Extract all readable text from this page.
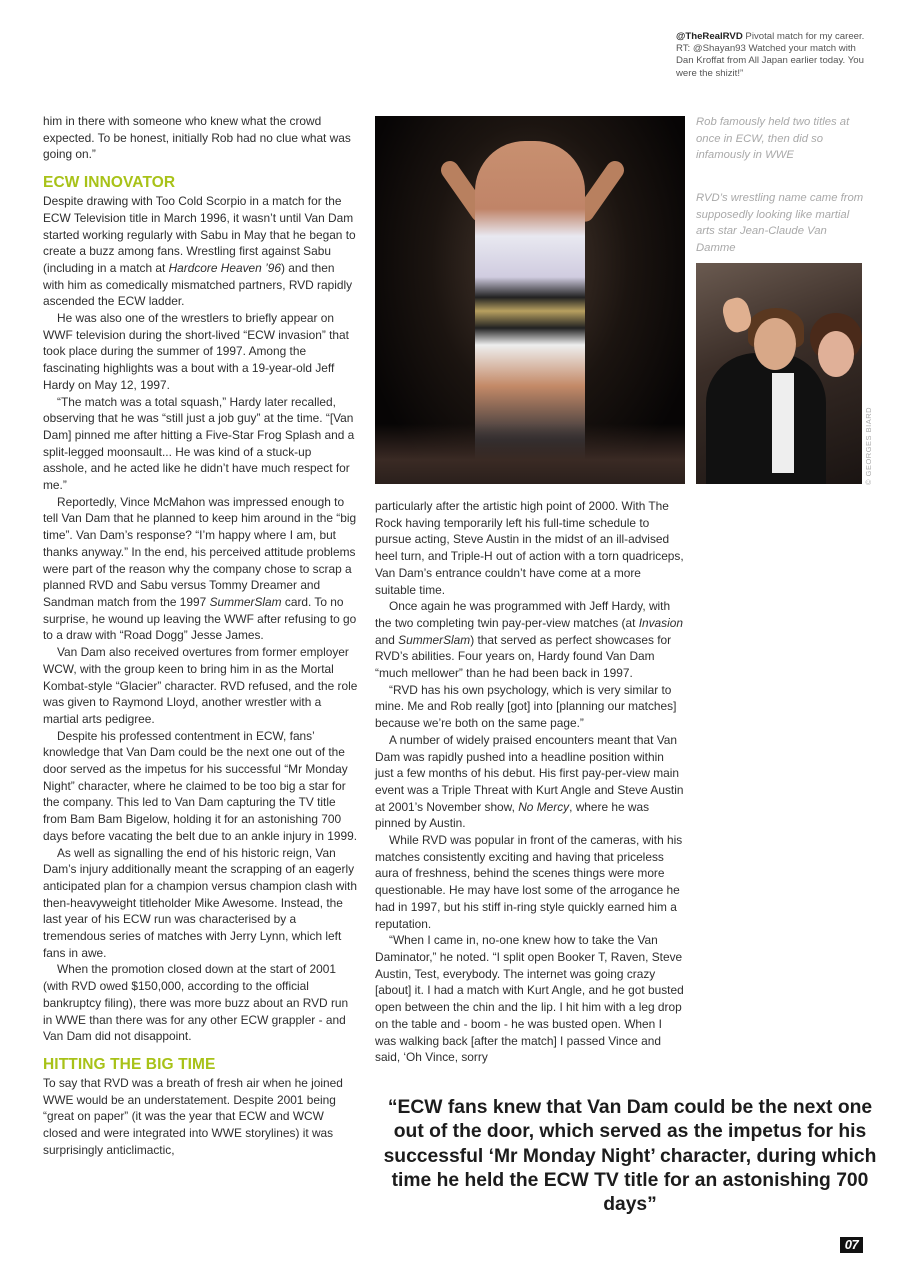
@TheRealRVD Pivotal match for my career. RT: @Shayan93 Watched your match with Dan Kroffat from All Japan earlier today. You were the shizit!”

him in there with someone who knew what the crowd expected. To be honest, initially Rob had no clue what was going on.”

ECW INNOVATOR

Despite drawing with Too Cold Scorpio in a match for the ECW Television title in March 1996, it wasn’t until Van Dam started working regularly with Sabu in May that he began to create a buzz among fans. Wrestling first against Sabu (including in a match at Hardcore Heaven ’96) and then with him as comedically mismatched partners, RVD rapidly ascended the ECW ladder.

He was also one of the wrestlers to briefly appear on WWF television during the short-lived “ECW invasion” that took place during the summer of 1997. Among the fascinating highlights was a bout with a 19-year-old Jeff Hardy on May 12, 1997.

“The match was a total squash,” Hardy later recalled, observing that he was “still just a job guy” at the time. “[Van Dam] pinned me after hitting a Five-Star Frog Splash and a split-legged moonsault... He was kind of a stuck-up asshole, and he acted like he didn’t have much respect for me.”

Reportedly, Vince McMahon was impressed enough to tell Van Dam that he planned to keep him around in the “big time”. Van Dam’s response? “I’m happy where I am, but thanks anyway.” In the end, his perceived attitude problems were part of the reason why the company chose to scrap a planned RVD and Sabu versus Tommy Dreamer and Sandman match from the 1997 SummerSlam card. To no surprise, he wound up leaving the WWF after refusing to go to a draw with “Road Dogg” Jesse James.

Van Dam also received overtures from former employer WCW, with the group keen to bring him in as the Mortal Kombat-style “Glacier” character. RVD refused, and the role was given to Raymond Lloyd, another wrestler with a martial arts pedigree.

Despite his professed contentment in ECW, fans’ knowledge that Van Dam could be the next one out of the door served as the impetus for his successful “Mr Monday Night” character, where he claimed to be too big a star for the company. This led to Van Dam capturing the TV title from Bam Bam Bigelow, holding it for an astonishing 700 days before vacating the belt due to an ankle injury in 1999.

As well as signalling the end of his historic reign, Van Dam’s injury additionally meant the scrapping of an eagerly anticipated plan for a champion versus champion clash with then-heavyweight titleholder Mike Awesome. Instead, the last year of his ECW run was characterised by a tremendous series of matches with Jerry Lynn, which left fans in awe.

When the promotion closed down at the start of 2001 (with RVD owed $150,000, according to the official bankruptcy filing), there was more buzz about an RVD run in WWE than there was for any other ECW grappler - and Van Dam did not disappoint.

HITTING THE BIG TIME

To say that RVD was a breath of fresh air when he joined WWE would be an understatement. Despite 2001 being “great on paper” (it was the year that ECW and WCW closed and were integrated into WWE storylines) it was surprisingly anticlimactic,

Rob famously held two titles at once in ECW, then did so infamously in WWE
RVD’s wrestling name came from supposedly looking like martial arts star Jean-Claude Van Damme
© GEORGES BIARD

particularly after the artistic high point of 2000. With The Rock having temporarily left his full-time schedule to pursue acting, Steve Austin in the midst of an ill-advised heel turn, and Triple-H out of action with a torn quadriceps, Van Dam’s entrance couldn’t have come at a more suitable time.

Once again he was programmed with Jeff Hardy, with the two completing twin pay-per-view matches (at Invasion and SummerSlam) that served as perfect showcases for RVD’s abilities. Four years on, Hardy found Van Dam “much mellower” than he had been back in 1997.

“RVD has his own psychology, which is very similar to mine. Me and Rob really [got] into [planning our matches] because we’re both on the same page.”

A number of widely praised encounters meant that Van Dam was rapidly pushed into a headline position within just a few months of his debut. His first pay-per-view main event was a Triple Threat with Kurt Angle and Steve Austin at 2001’s November show, No Mercy, where he was pinned by Austin.

While RVD was popular in front of the cameras, with his matches consistently exciting and having that priceless aura of freshness, behind the scenes things were more questionable. He may have lost some of the arrogance he had in 1997, but his stiff in-ring style quickly earned him a reputation.

“When I came in, no-one knew how to take the Van Daminator,” he noted. “I split open Booker T, Raven, Steve Austin, Test, everybody. The internet was going crazy [about] it. I had a match with Kurt Angle, and he got busted open between the chin and the lip. I hit him with a leg drop on the table and - boom - he was busted open. When I was walking back [after the match] I passed Vince and said, ‘Oh Vince, sorry

“ECW fans knew that Van Dam could be the next one out of the door, which served as the impetus for his successful ‘Mr Monday Night’ character, during which time he held the ECW TV title for an astonishing 700 days”
07
